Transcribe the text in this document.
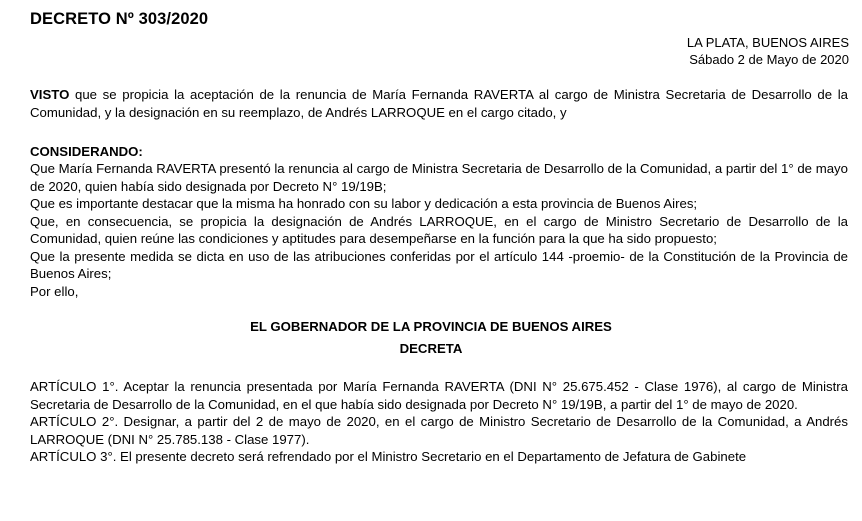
DECRETO Nº 303/2020
LA PLATA, BUENOS AIRES
Sábado 2 de Mayo de 2020
VISTO que se propicia la aceptación de la renuncia de María Fernanda RAVERTA al cargo de Ministra Secretaria de Desarrollo de la Comunidad, y la designación en su reemplazo, de Andrés LARROQUE en el cargo citado, y
CONSIDERANDO:

Que María Fernanda RAVERTA presentó la renuncia al cargo de Ministra Secretaria de Desarrollo de la Comunidad, a partir del 1° de mayo de 2020, quien había sido designada por Decreto N° 19/19B;

Que es importante destacar que la misma ha honrado con su labor y dedicación a esta provincia de Buenos Aires;

Que, en consecuencia, se propicia la designación de Andrés LARROQUE, en el cargo de Ministro Secretario de Desarrollo de la Comunidad, quien reúne las condiciones y aptitudes para desempeñarse en la función para la que ha sido propuesto;

Que la presente medida se dicta en uso de las atribuciones conferidas por el artículo 144 -proemio- de la Constitución de la Provincia de Buenos Aires;

Por ello,

EL GOBERNADOR DE LA PROVINCIA DE BUENOS AIRES
DECRETA

ARTÍCULO 1°. Aceptar la renuncia presentada por María Fernanda RAVERTA (DNI N° 25.675.452 - Clase 1976), al cargo de Ministra Secretaria de Desarrollo de la Comunidad, en el que había sido designada por Decreto N° 19/19B, a partir del 1° de mayo de 2020.

ARTÍCULO 2°. Designar, a partir del 2 de mayo de 2020, en el cargo de Ministro Secretario de Desarrollo de la Comunidad, a Andrés LARROQUE (DNI N° 25.785.138 - Clase 1977).

ARTÍCULO 3°. El presente decreto será refrendado por el Ministro Secretario en el Departamento de Jefatura de Gabinete
